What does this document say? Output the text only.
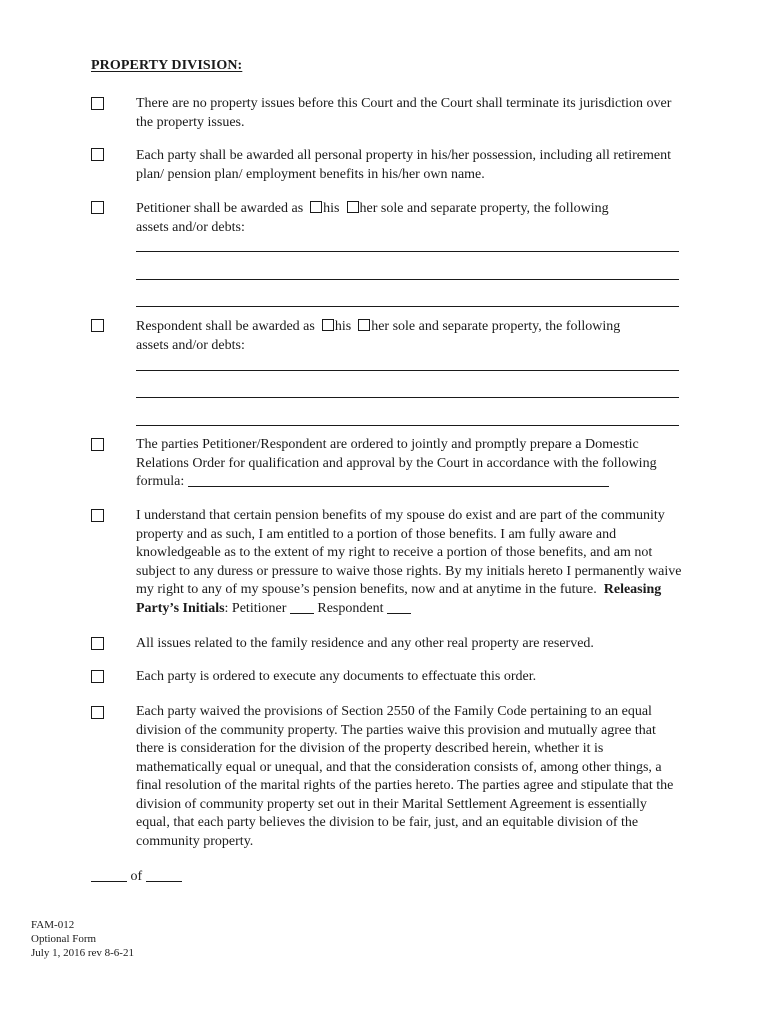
PROPERTY DIVISION:
There are no property issues before this Court and the Court shall terminate its jurisdiction over the property issues.
Each party shall be awarded all personal property in his/her possession, including all retirement plan/ pension plan/ employment benefits in his/her own name.
Petitioner shall be awarded as his her sole and separate property, the following
assets and/or debts:
Respondent shall be awarded as his her sole and separate property, the following
assets and/or debts:
The parties Petitioner/Respondent are ordered to jointly and promptly prepare a Domestic Relations Order for qualification and approval by the Court in accordance with the following formula:
I understand that certain pension benefits of my spouse do exist and are part of the community property and as such, I am entitled to a portion of those benefits. I am fully aware and knowledgeable as to the extent of my right to receive a portion of those benefits, and am not subject to any duress or pressure to waive those rights. By my initials hereto I permanently waive my right to any of my spouse’s pension benefits, now and at anytime in the future. Releasing Party’s Initials: Petitioner Respondent
All issues related to the family residence and any other real property are reserved.
Each party is ordered to execute any documents to effectuate this order.
Each party waived the provisions of Section 2550 of the Family Code pertaining to an equal division of the community property. The parties waive this provision and mutually agree that there is consideration for the division of the property described herein, whether it is mathematically equal or unequal, and that the consideration consists of, among other things, a final resolution of the marital rights of the parties hereto. The parties agree and stipulate that the division of community property set out in their Marital Settlement Agreement is essentially equal, that each party believes the division to be fair, just, and an equitable division of the community property.
of
FAM-012
Optional Form
July 1, 2016 rev 8-6-21
